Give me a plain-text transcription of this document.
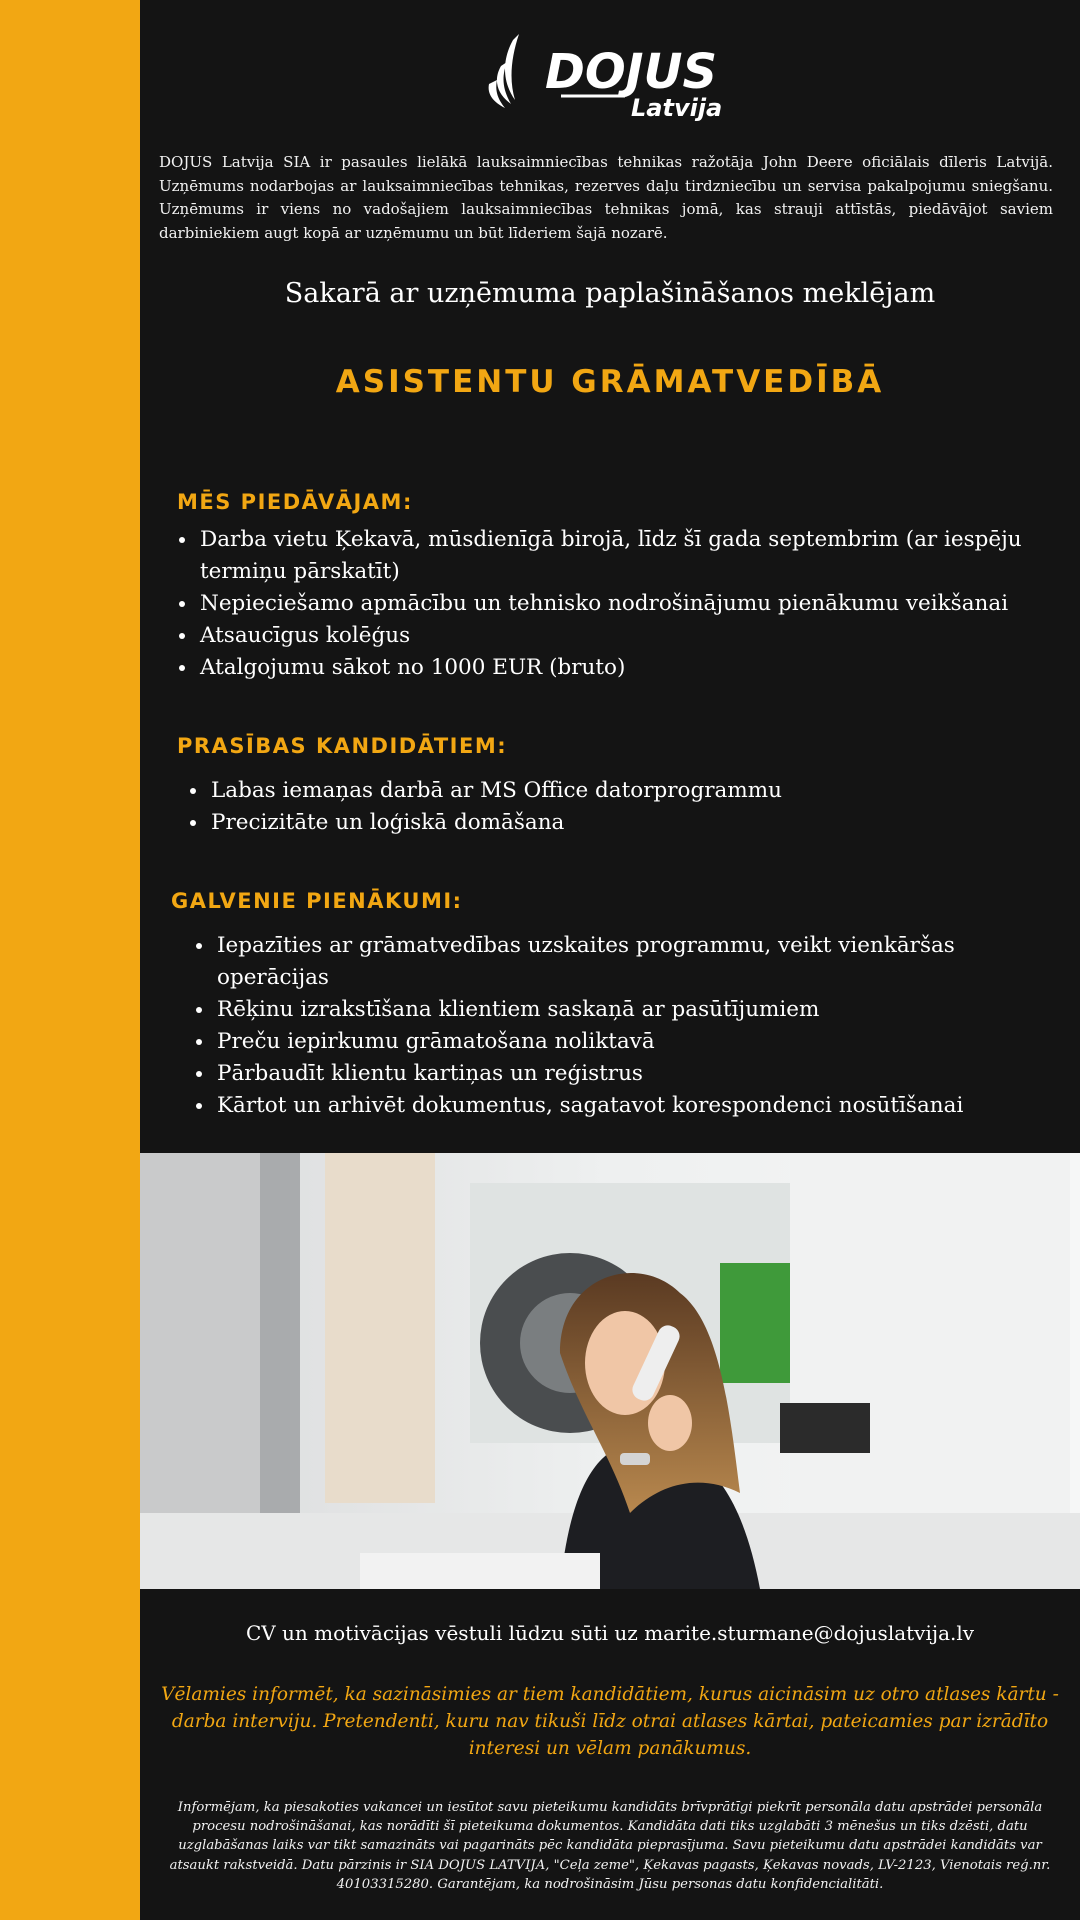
DOJUS
Latvija

DOJUS Latvija SIA ir pasaules lielākā lauksaimniecības tehnikas ražotāja John Deere oficiālais dīleris Latvijā. Uzņēmums nodarbojas ar lauksaimniecības tehnikas, rezerves daļu tirdzniecību un servisa pakalpojumu sniegšanu. Uzņēmums ir viens no vadošajiem lauksaimniecības tehnikas jomā, kas strauji attīstās, piedāvājot saviem darbiniekiem augt kopā ar uzņēmumu un būt līderiem šajā nozarē.

Sakarā ar uzņēmuma paplašināšanos meklējam
ASISTENTU GRĀMATVEDĪBĀ
MĒS PIEDĀVĀJAM:
• Darba vietu Ķekavā, mūsdienīgā birojā, līdz šī gada septembrim (ar iespēju termiņu pārskatīt)
• Nepieciešamo apmācību un tehnisko nodrošinājumu pienākumu veikšanai
• Atsaucīgus kolēģus
• Atalgojumu sākot no 1000 EUR (bruto)
PRASĪBAS KANDIDĀTIEM:
• Labas iemaņas darbā ar MS Office datorprogrammu
• Precizitāte un loģiskā domāšana
GALVENIE PIENĀKUMI:
• Iepazīties ar grāmatvedības uzskaites programmu, veikt vienkāršas operācijas
• Rēķinu izrakstīšana klientiem saskaņā ar pasūtījumiem
• Preču iepirkumu grāmatošana noliktavā
• Pārbaudīt klientu kartiņas un reģistrus
• Kārtot un arhivēt dokumentus, sagatavot korespondenci nosūtīšanai
CV un motivācijas vēstuli lūdzu sūti uz marite.sturmane@dojuslatvija.lv

Vēlamies informēt, ka sazināsimies ar tiem kandidātiem, kurus aicināsim uz otro atlases kārtu - darba interviju. Pretendenti, kuru nav tikuši līdz otrai atlases kārtai, pateicamies par izrādīto interesi un vēlam panākumus.

Informējam, ka piesakoties vakancei un iesūtot savu pieteikumu kandidāts brīvprātīgi piekrīt personāla datu apstrādei personāla procesu nodrošināšanai, kas norādīti šī pieteikuma dokumentos. Kandidāta dati tiks uzglabāti 3 mēnešus un tiks dzēsti, datu uzglabāšanas laiks var tikt samazināts vai pagarināts pēc kandidāta pieprasījuma. Savu pieteikumu datu apstrādei kandidāts var atsaukt rakstveidā. Datu pārzinis ir SIA DOJUS LATVIJA, "Ceļa zeme", Ķekavas pagasts, Ķekavas novads, LV-2123, Vienotais reģ.nr. 40103315280. Garantējam, ka nodrošināsim Jūsu personas datu konfidencialitāti.
